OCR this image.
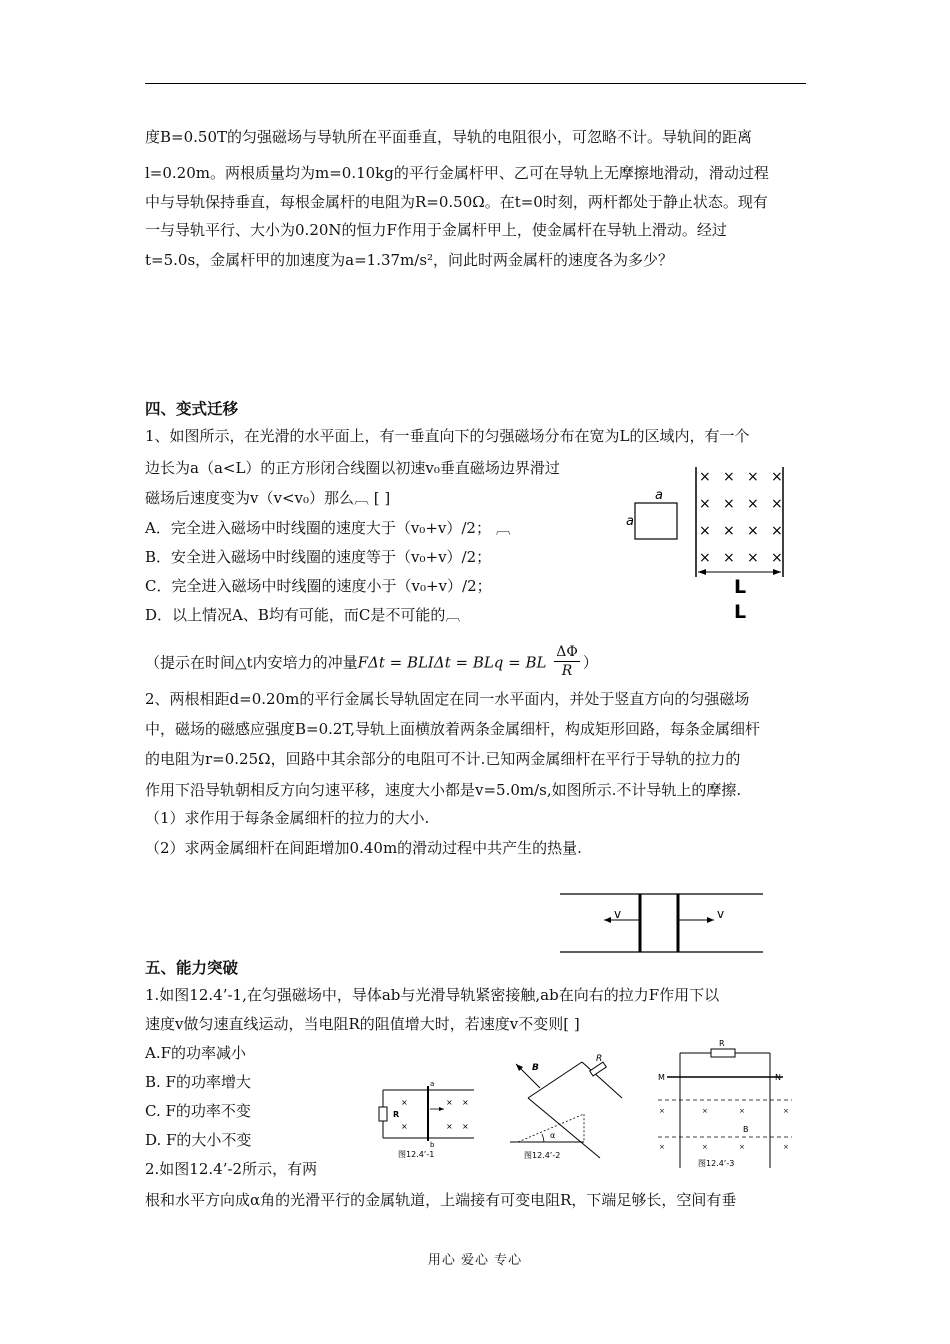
度B=0.50T的匀强磁场与导轨所在平面垂直，导轨的电阻很小，可忽略不计。导轨间的距离
l=0.20m。两根质量均为m=0.10kg的平行金属杆甲、乙可在导轨上无摩擦地滑动，滑动过程
中与导轨保持垂直，每根金属杆的电阻为R=0.50Ω。在t=0时刻，两杆都处于静止状态。现有
一与导轨平行、大小为0.20N的恒力F作用于金属杆甲上，使金属杆在导轨上滑动。经过
t=5.0s，金属杆甲的加速度为a=1.37m/s²，问此时两金属杆的速度各为多少？
四、变式迁移
1、如图所示，在光滑的水平面上，有一垂直向下的匀强磁场分布在宽为L的区域内，有一个
边长为a（a<L）的正方形闭合线圈以初速v₀垂直磁场边界滑过
磁场后速度变为v（v<v₀）那么︹ [ ]
A．完全进入磁场中时线圈的速度大于（v₀+v）/2； ︹
B．安全进入磁场中时线圈的速度等于（v₀+v）/2；
C．完全进入磁场中时线圈的速度小于（v₀+v）/2；
D．以上情况A、B均有可能，而C是不可能的︹
（提示在时间△t内安培力的冲量FΔt = BLIΔt = BLq = BL $\frac{\Delta\Phi}{R}$ ）
a
a
× × × ×
× × × ×
× × × ×
× × × ×
L
L
2、两根相距d=0.20m的平行金属长导轨固定在同一水平面内，并处于竖直方向的匀强磁场
中，磁场的磁感应强度B=0.2T,导轨上面横放着两条金属细杆，构成矩形回路，每条金属细杆
的电阻为r=0.25Ω，回路中其余部分的电阻可不计.已知两金属细杆在平行于导轨的拉力的
作用下沿导轨朝相反方向匀速平移，速度大小都是v=5.0m/s,如图所示.不计导轨上的摩擦.
（1）求作用于每条金属细杆的拉力的大小.
（2）求两金属细杆在间距增加0.40m的滑动过程中共产生的热量.
v	v
五、能力突破
1.如图12.4’-1,在匀强磁场中，导体ab与光滑导轨紧密接触,ab在向右的拉力F作用下以
速度v做匀速直线运动，当电阻R的阻值增大时，若速度v不变则[ ]
A.F的功率减小
B. F的功率增大
C. F的功率不变
D. F的大小不变
2.如图12.4’-2所示，有两
根和水平方向成α角的光滑平行的金属轨道，上端接有可变电阻R，下端足够长，空间有垂
R
a
b
×
×
×
×
×
×
图12.4’-1
R
B
α
图12.4’-2
R
M	N
×	×	×	×
×	×	×	×
B
图12.4’-3
用心 爱心 专心
